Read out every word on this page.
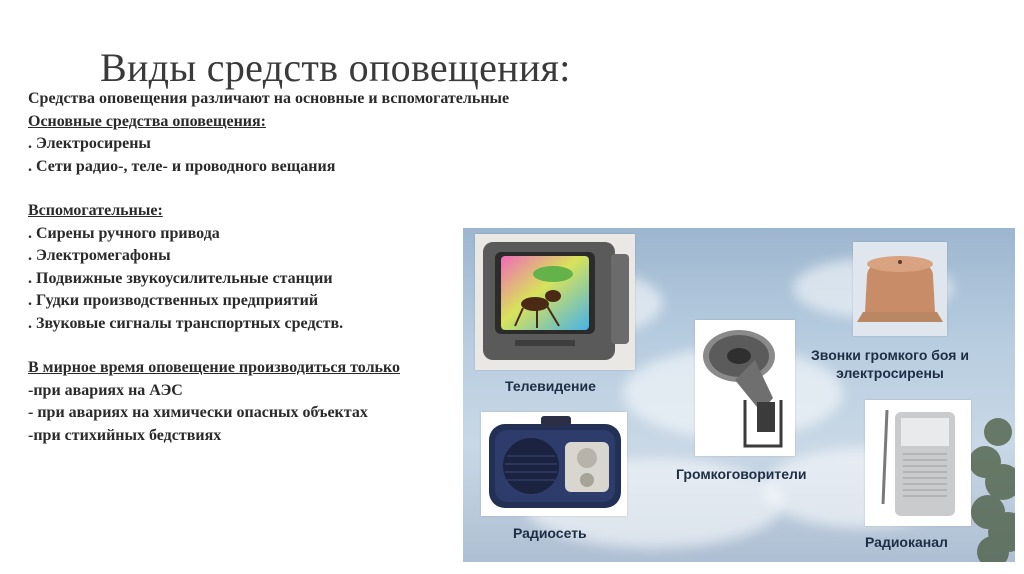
Виды средств оповещения:
Средства оповещения различают на основные и вспомогательные
Основные средства оповещения:
. Электросирены
. Сети радио-, теле- и проводного вещания
Вспомогательные:
. Сирены ручного привода
. Электромегафоны
. Подвижные звукоусилительные станции
. Гудки производственных предприятий
. Звуковые сигналы транспортных средств.
В мирное время оповещение производиться только
-при авариях на АЭС
- при авариях на химически опасных объектах
-при стихийных бедствиях
Телевидение
Радиосеть
Громкоговорители
Звонки громкого боя и
электросирены
Радиоканал
